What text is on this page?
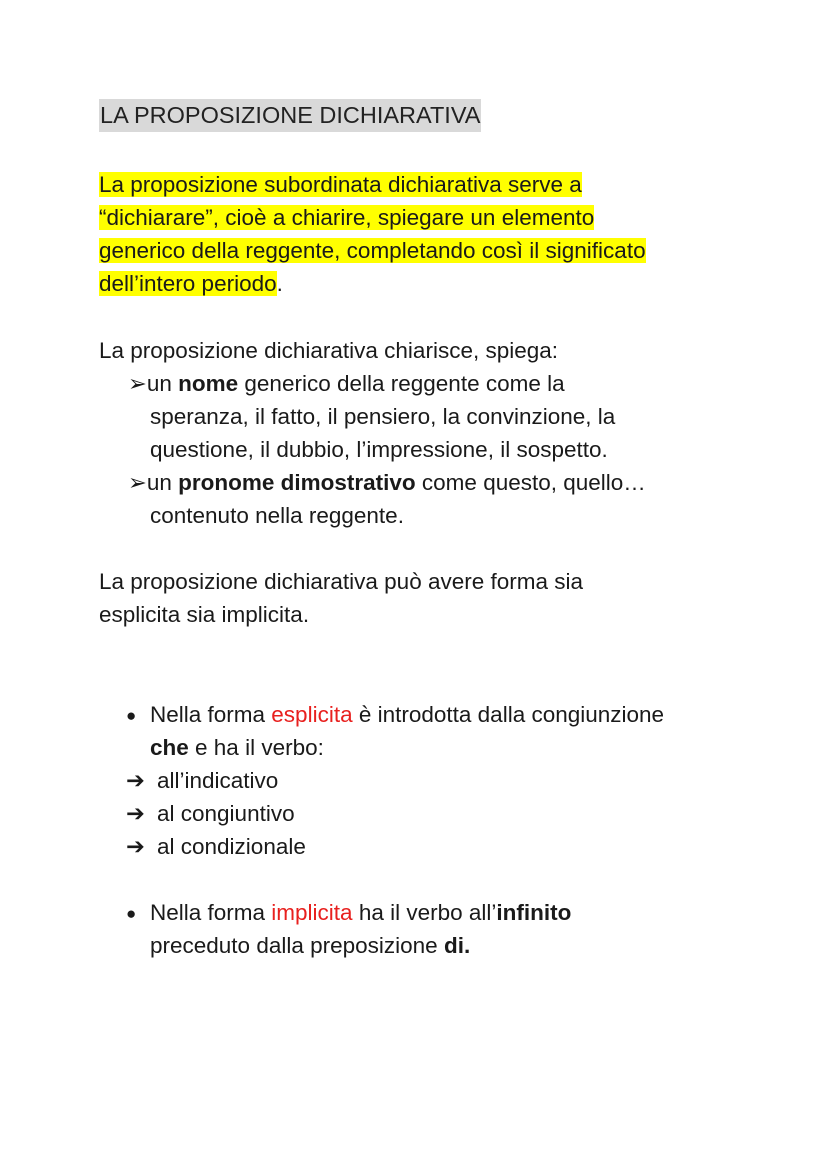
LA PROPOSIZIONE DICHIARATIVA
La proposizione subordinata dichiarativa serve a
“dichiarare”, cioè a chiarire, spiegare un elemento
generico della reggente, completando così il significato
dell’intero periodo.
La proposizione dichiarativa chiarisce, spiega:
➢un nome generico della reggente come la
speranza, il fatto, il pensiero, la convinzione, la
questione, il dubbio, l’impressione, il sospetto.
➢un pronome dimostrativo come questo, quello…
contenuto nella reggente.
La proposizione dichiarativa può avere forma sia
esplicita sia implicita.
● Nella forma esplicita è introdotta dalla congiunzione
che e ha il verbo:
➔ all’indicativo
➔ al congiuntivo
➔ al condizionale
● Nella forma implicita ha il verbo all’infinito
preceduto dalla preposizione di.
